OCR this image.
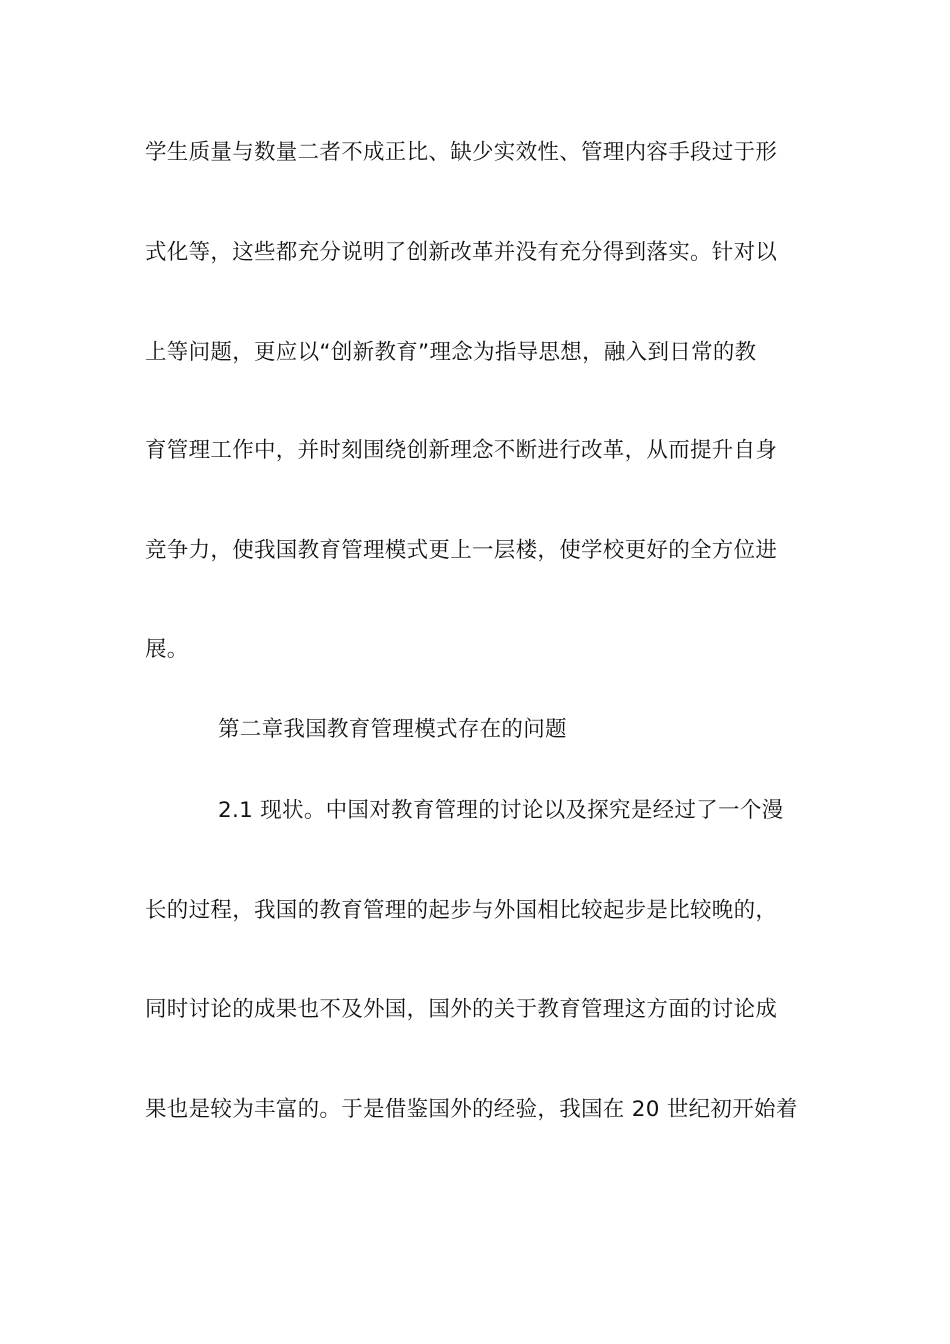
学生质量与数量二者不成正比、缺少实效性、管理内容手段过于形
式化等，这些都充分说明了创新改革并没有充分得到落实。针对以
上等问题，更应以“创新教育”理念为指导思想，融入到日常的教
育管理工作中，并时刻围绕创新理念不断进行改革，从而提升自身
竞争力，使我国教育管理模式更上一层楼，使学校更好的全方位进
展。
第二章我国教育管理模式存在的问题
2.1 现状。中国对教育管理的讨论以及探究是经过了一个漫
长的过程，我国的教育管理的起步与外国相比较起步是比较晚的，
同时讨论的成果也不及外国，国外的关于教育管理这方面的讨论成
果也是较为丰富的。于是借鉴国外的经验，我国在 20 世纪初开始着
